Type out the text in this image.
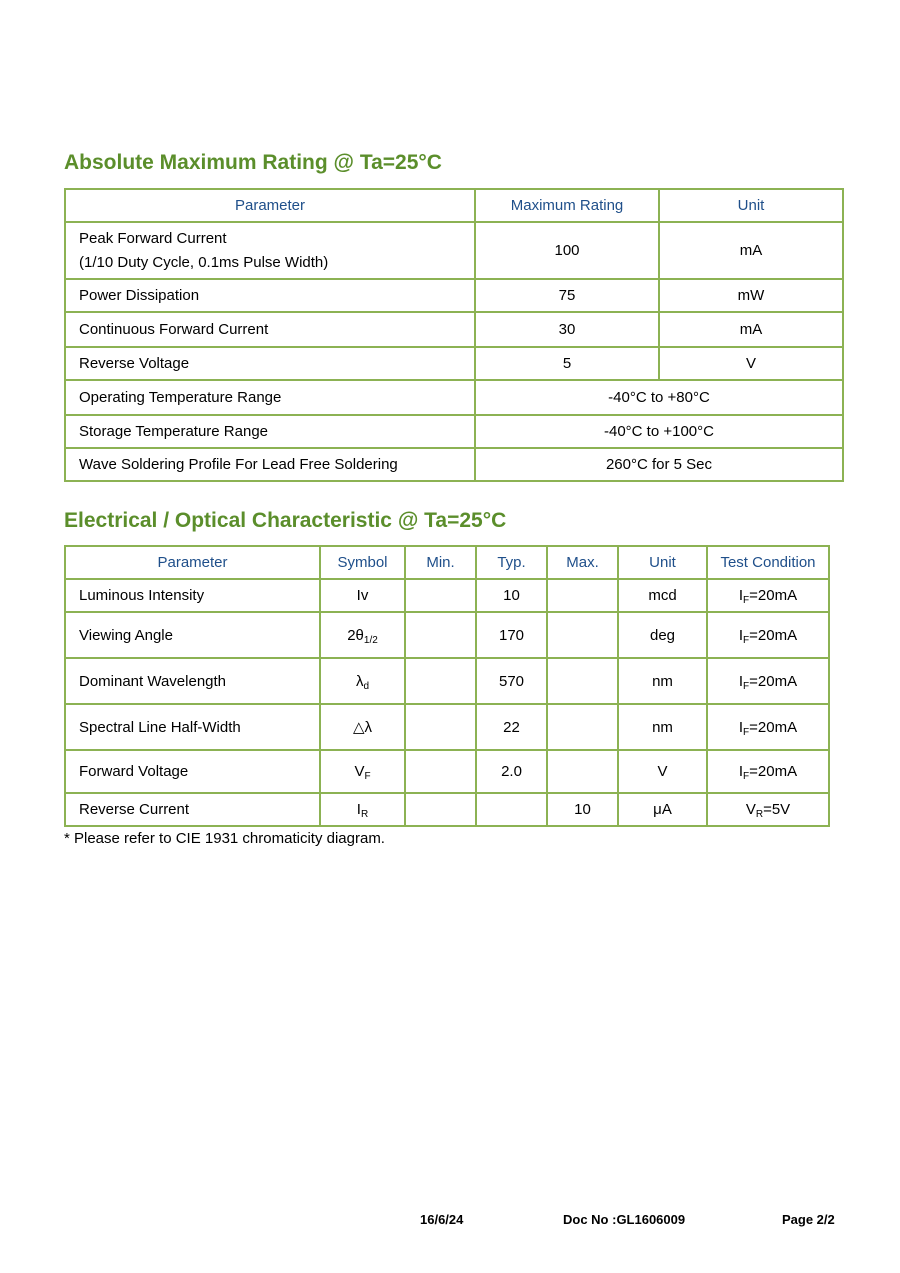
Absolute Maximum Rating @ Ta=25°C
Parameter	Maximum Rating	Unit

Peak Forward Current
(1/10 Duty Cycle, 0.1ms Pulse Width)	100	mA
Power Dissipation	75	mW
Continuous Forward Current	30	mA
Reverse Voltage	5	V
Operating Temperature Range	-40°C to +80°C	
Storage Temperature Range	-40°C to +100°C	
Wave Soldering Profile For Lead Free Soldering	260°C for 5 Sec	
Electrical / Optical Characteristic @ Ta=25°C
Parameter	Symbol	Min.	Typ.	Max.	Unit	Test Condition
Luminous Intensity	Iv		10		mcd	$I_F=20mA$
Viewing Angle	$2\theta_{1/2}$		170		deg	$I_F=20mA$
Dominant Wavelength	$\lambda_d$		570		nm	$I_F=20mA$
Spectral Line Half-Width	△λ		22		nm	$I_F=20mA$
Forward Voltage	$V_F$		2.0		V	$I_F=20mA$
Reverse Current	$I_R$			10	μA	$V_R=5V$
* Please refer to CIE 1931 chromaticity diagram.
16/6/24	Doc No :GL1606009	Page 2/2
